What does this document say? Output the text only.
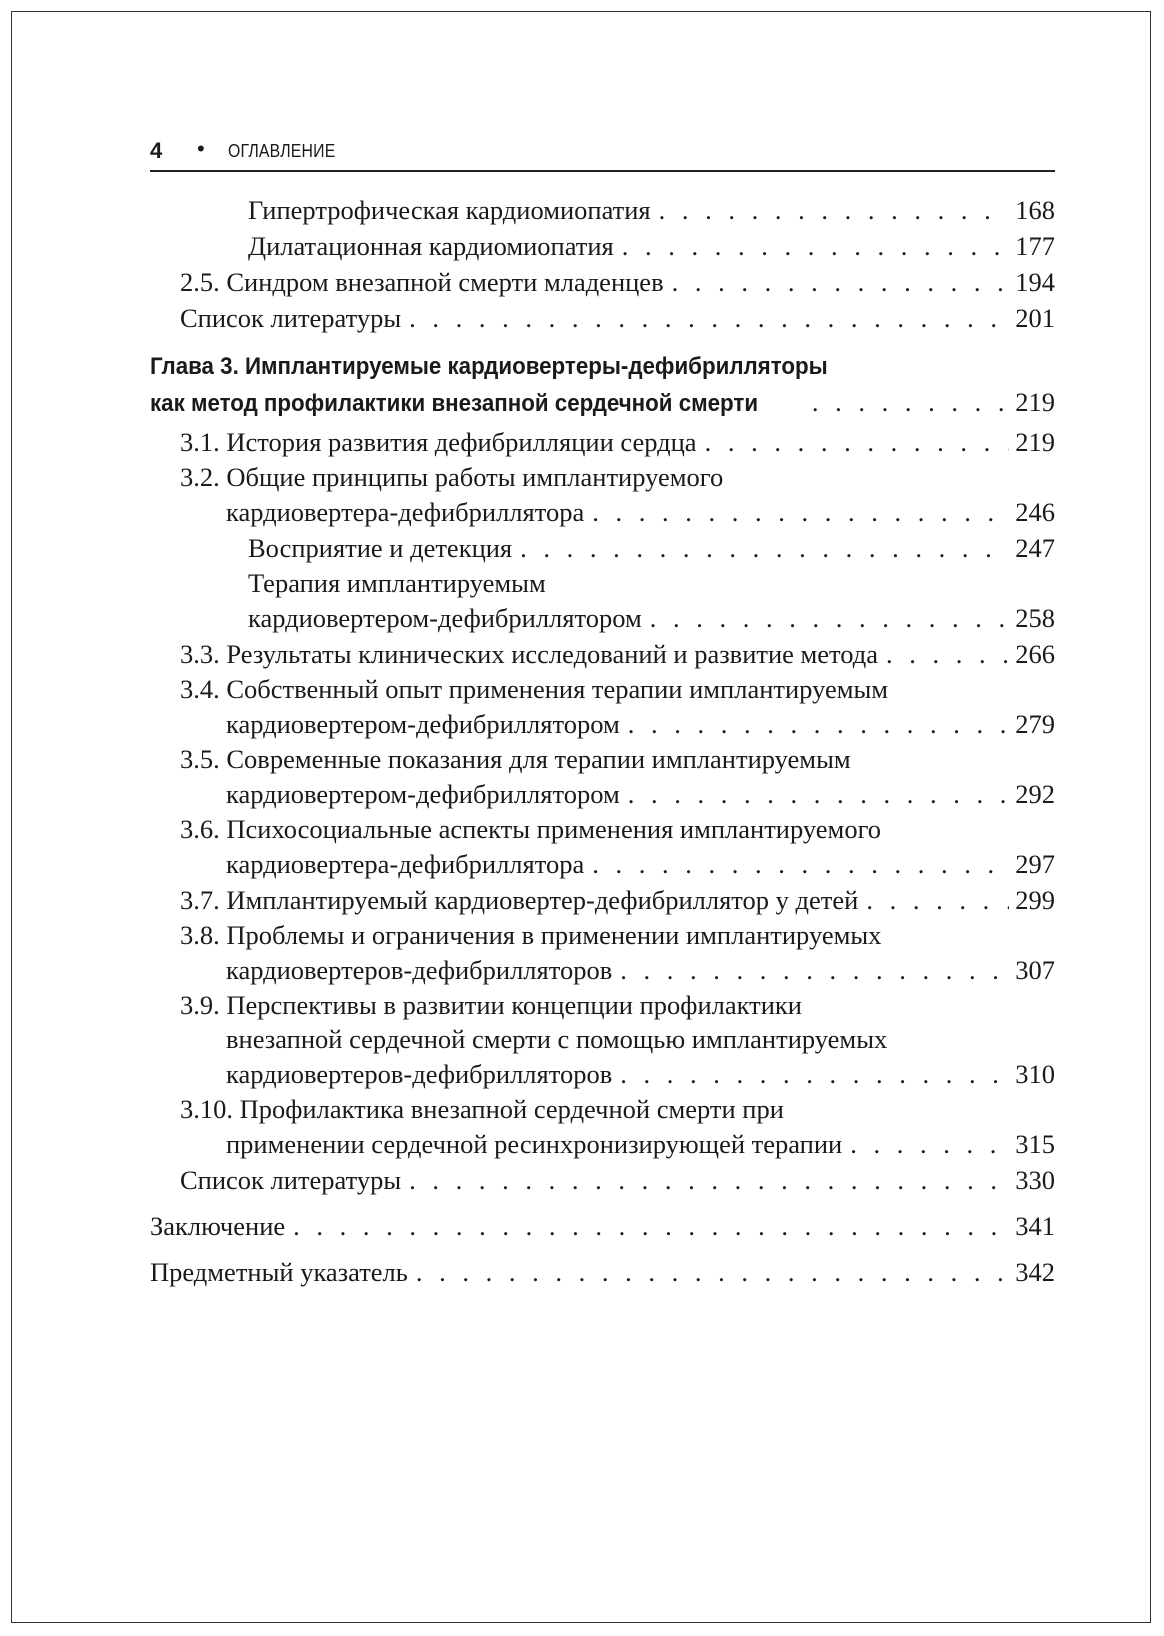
4 • ОГЛАВЛЕНИЕ
Гипертрофическая кардиомиопатия . . .	168
Дилатационная кардиомиопатия . . .	177
2.5. Синдром внезапной смерти младенцев . . .	194
Список литературы . . .	201
Глава 3. Имплантируемые кардиовертеры-дефибрилляторы
как метод профилактики внезапной сердечной смерти . . .	219
3.1. История развития дефибрилляции сердца . . .	219
3.2. Общие принципы работы имплантируемого
кардиовертера-дефибриллятора . . .	246
Восприятие и детекция . . .	247
Терапия имплантируемым
кардиовертером-дефибриллятором . . .	258
3.3. Результаты клинических исследований и развитие метода . . .	266
3.4. Собственный опыт применения терапии имплантируемым
кардиовертером-дефибриллятором . . .	279
3.5. Современные показания для терапии имплантируемым
кардиовертером-дефибриллятором . . .	292
3.6. Психосоциальные аспекты применения имплантируемого
кардиовертера-дефибриллятора . . .	297
3.7. Имплантируемый кардиовертер-дефибриллятор у детей . . .	299
3.8. Проблемы и ограничения в применении имплантируемых
кардиовертеров-дефибрилляторов . . .	307
3.9. Перспективы в развитии концепции профилактики
внезапной сердечной смерти с помощью имплантируемых
кардиовертеров-дефибрилляторов . . .	310
3.10. Профилактика внезапной сердечной смерти при
применении сердечной ресинхронизирующей терапии . . .	315
Список литературы . . .	330
Заключение . . .	341
Предметный указатель . . .	342
